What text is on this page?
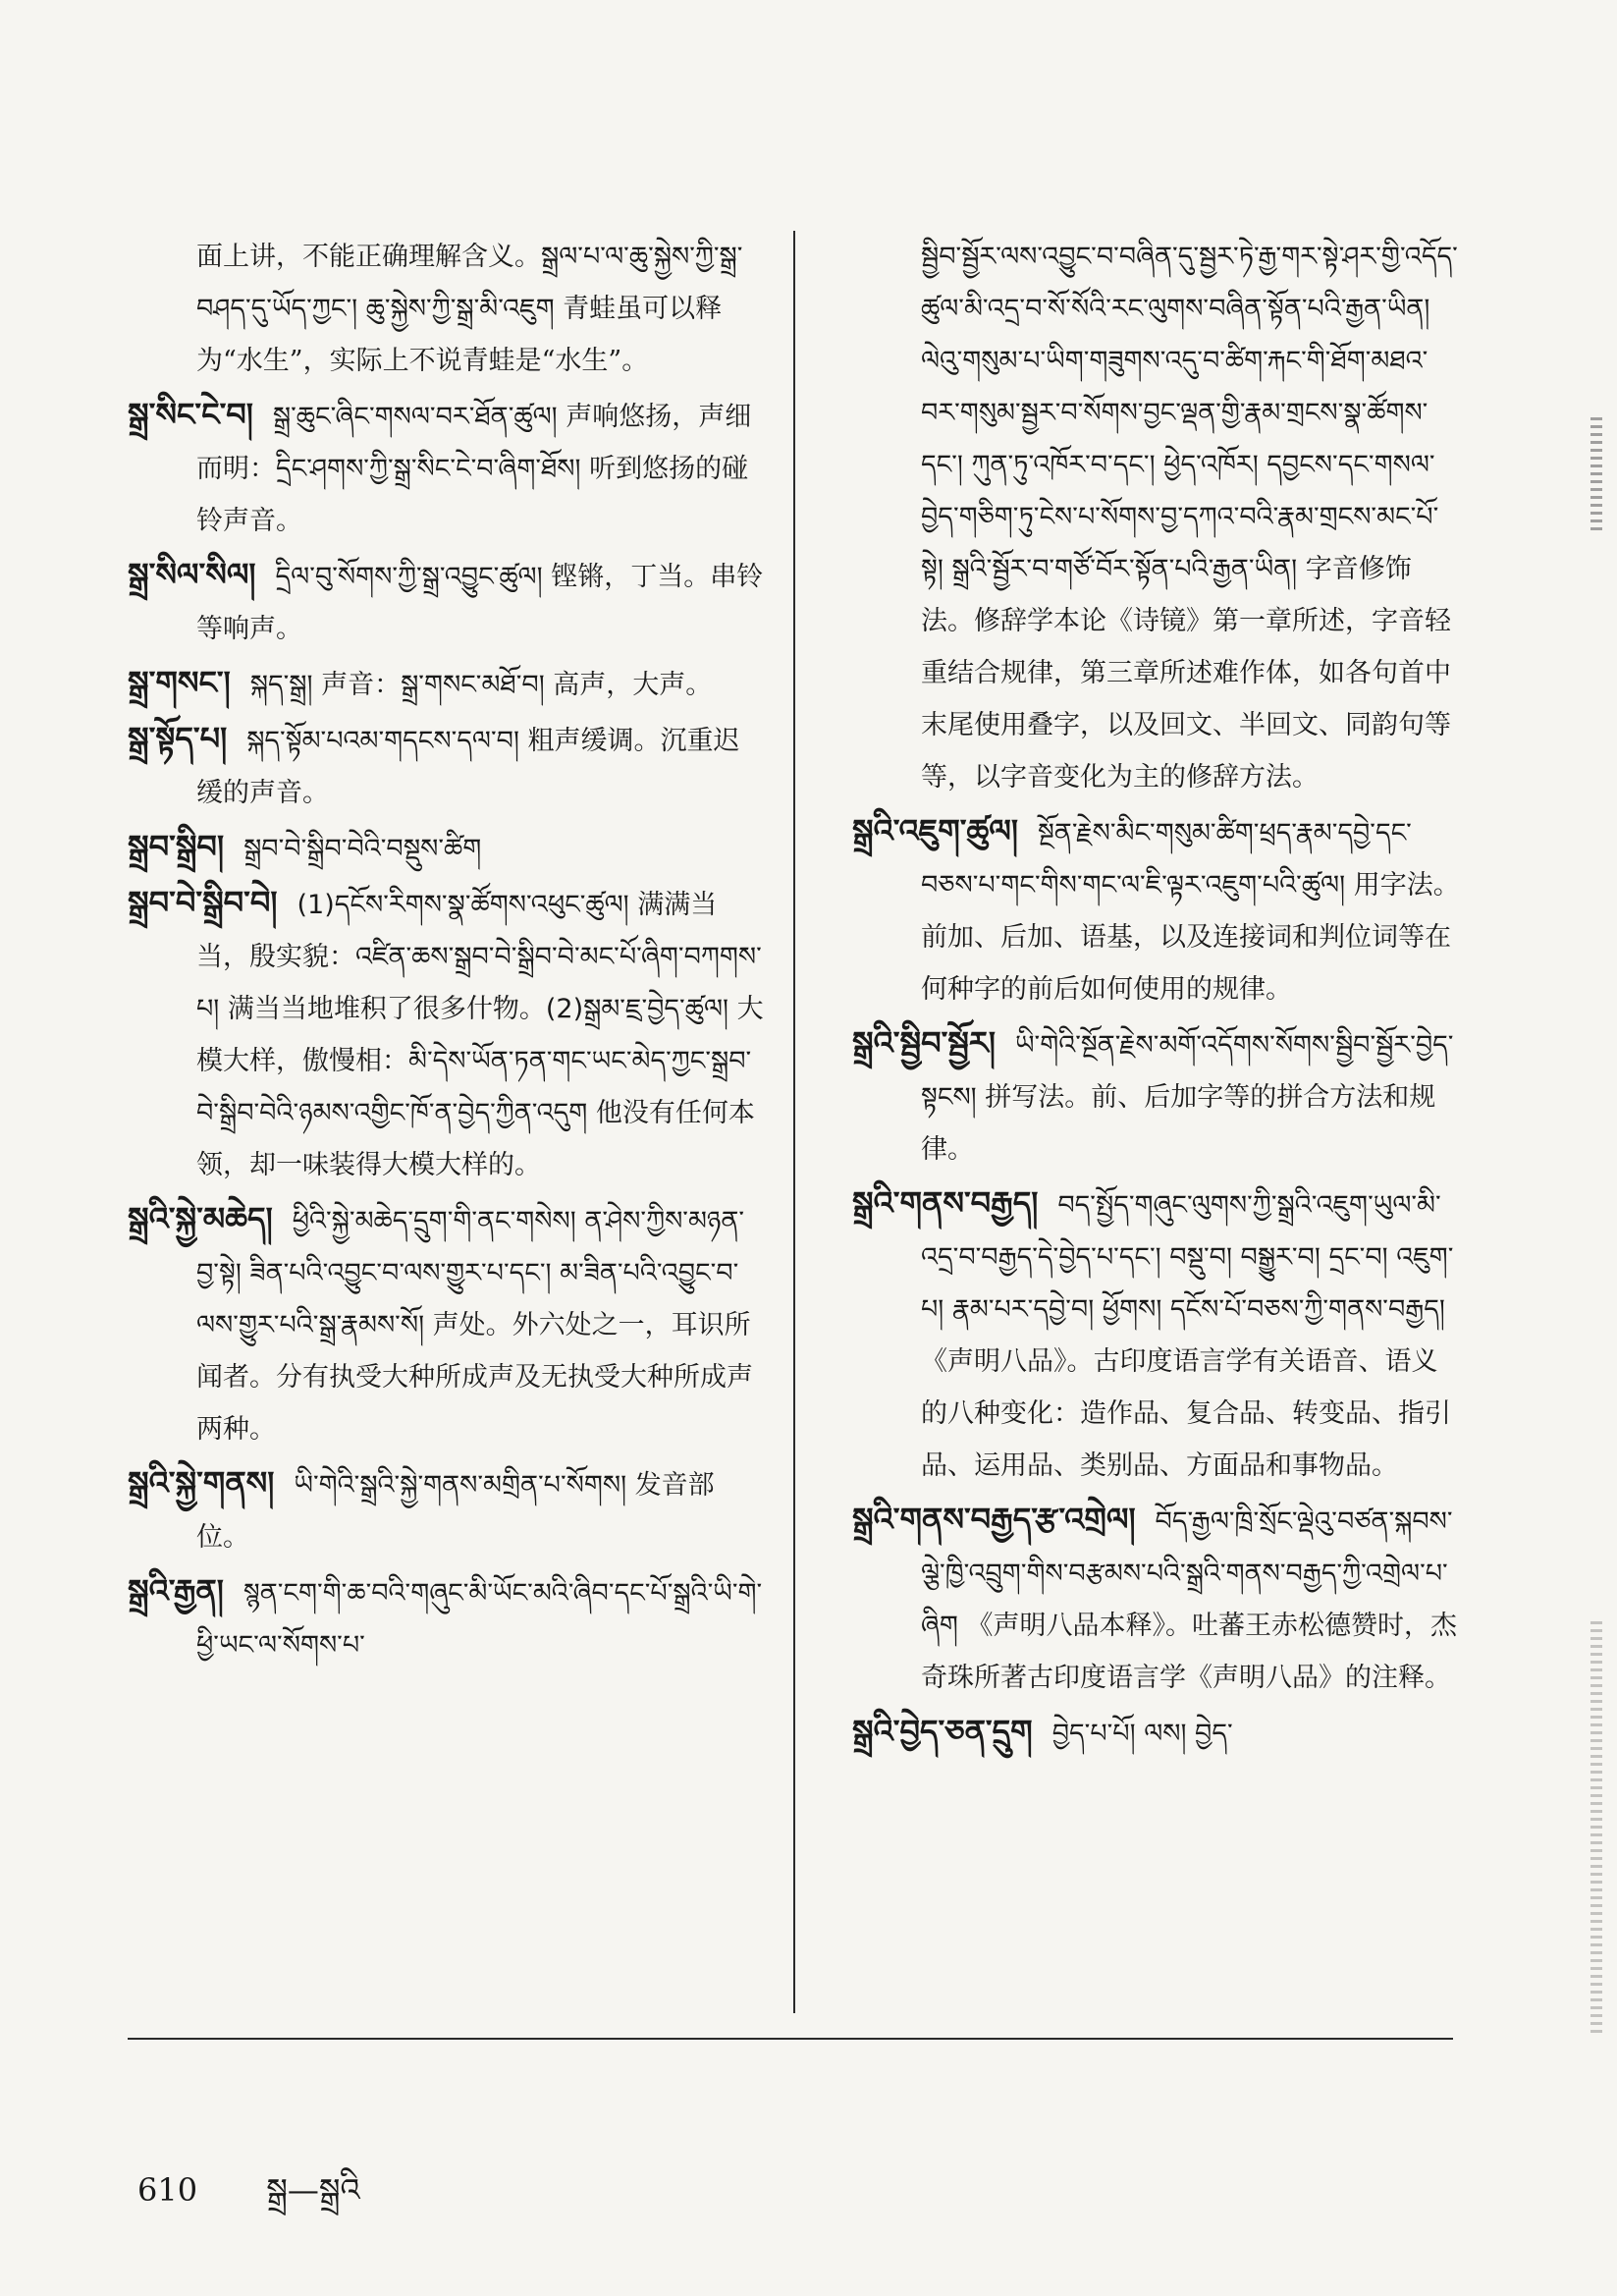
面上讲，不能正确理解含义。སྒྲལ་པ་ལ་ཆུ་སྐྱེས་ཀྱི་སྒྲ་བཤད་དུ་ཡོད་ཀྱང་། ཆུ་སྐྱེས་ཀྱི་སྒྲ་མི་འཇུག 青蛙虽可以释为“水生”，实际上不说青蛙是“水生”。
སྒྲ་སིང་ངེ་བ། སྒྲ་ཆུང་ཞིང་གསལ་བར་ཐོན་ཚུལ། 声响悠扬，声细而明：དྲིང་ཤགས་ཀྱི་སྒྲ་སིང་ངེ་བ་ཞིག་ཐོས། 听到悠扬的碰铃声音。
སྒྲ་སིལ་སིལ། དྲིལ་བུ་སོགས་ཀྱི་སྒྲ་འབྱུང་ཚུལ། 铿锵，丁当。串铃等响声。
སྒྲ་གསང་། སྐད་སྒྲ། 声音：སྒྲ་གསང་མཐོ་བ། 高声，大声。
སྒྲ་སྟོད་པ། སྐད་སྟོམ་པའམ་གདངས་དལ་བ། 粗声缓调。沉重迟缓的声音。
སྒྲབ་སྒྲིབ། སྒྲབ་བེ་སྒྲིབ་བེའི་བསྡུས་ཚིག
སྒྲབ་བེ་སྒྲིབ་བེ། (1)དངོས་རིགས་སྣ་ཚོགས་འཕུང་ཚུལ། 满满当当，殷实貌：འཛིན་ཆས་སྒྲབ་བེ་སྒྲིབ་བེ་མང་པོ་ཞིག་བཀགས་པ། 满当当地堆积了很多什物。(2)སྒྲམ་ཇྲ་བྱེད་ཚུལ། 大模大样，傲慢相：མི་དེས་ཡོན་ཏན་གང་ཡང་མེད་ཀྱང་སྒྲབ་བེ་སྒྲིབ་བེའི་ཉམས་འགྱིང་ཁོ་ན་བྱེད་ཀྱིན་འདུག 他没有任何本领，却一味装得大模大样的。
སྒྲའི་སྐྱེ་མཆེད། ཕྱིའི་སྐྱེ་མཆེད་དྲུག་གི་ནང་གསེས། ན་ཤེས་ཀྱིས་མཉན་བྱ་སྟེ། ཟིན་པའི་འབྱུང་བ་ལས་གྱུར་པ་དང་། མ་ཟིན་པའི་འབྱུང་བ་ལས་གྱུར་པའི་སྒྲ་རྣམས་སོ། 声处。外六处之一，耳识所闻者。分有执受大种所成声及无执受大种所成声两种。
སྒྲའི་སྐྱེ་གནས། ཡི་གེའི་སྒྲའི་སྐྱེ་གནས་མགྲིན་པ་སོགས། 发音部位。
སྒྲའི་རྒྱན། སྙན་ངག་གི་ཆ་བའི་གཞུང་མི་ཡོང་མའི་ཞིབ་དང་པོ་སྒྲའི་ཡི་གེ་ཕྱི་ཡང་ལ་སོགས་པ་
སྦྱིབ་སྦྱོར་ལས་འབྱུང་བ་བཞིན་དུ་སྦྱར་ཏེ་རྒྱ་གར་སྟེ་ཤར་གྱི་འདོད་ཚུལ་མི་འདྲ་བ་སོ་སོའི་རང་ལུགས་བཞིན་སྟོན་པའི་རྒྱན་ཡིན། ལེའུ་གསུམ་པ་ཡིག་གཟུགས་འདུ་བ་ཚིག་རྐང་གི་ཐོག་མཐའ་བར་གསུམ་སྦྱར་བ་སོགས་བྱང་ལྡན་གྱི་རྣམ་གྲངས་སྣ་ཚོགས་དང་། ཀུན་ཏུ་འཁོར་བ་དང་། ཕྱེད་འཁོར། དབྱངས་དང་གསལ་བྱེད་གཅིག་ཏུ་ངེས་པ་སོགས་བྱ་དཀའ་བའི་རྣམ་གྲངས་མང་པོ་སྟེ། སྒྲའི་སྦྱོར་བ་གཙོ་བོར་སྟོན་པའི་རྒྱན་ཡིན། 字音修饰法。修辞学本论《诗镜》第一章所述，字音轻重结合规律，第三章所述难作体，如各句首中末尾使用叠字，以及回文、半回文、同韵句等等，以字音变化为主的修辞方法。
སྒྲའི་འཇུག་ཚུལ། སྔོན་རྗེས་མིང་གསུམ་ཚིག་ཕྲད་རྣམ་དབྱེ་དང་བཅས་པ་གང་གིས་གང་ལ་ཇི་ལྟར་འཇུག་པའི་ཚུལ། 用字法。前加、后加、语基，以及连接词和判位词等在何种字的前后如何使用的规律。
སྒྲའི་སྦྱིབ་སྦྱོར། ཡི་གེའི་སྔོན་རྗེས་མགོ་འདོགས་སོགས་སྦྱིབ་སྦྱོར་བྱེད་སྟངས། 拼写法。前、后加字等的拼合方法和规律。
སྒྲའི་གནས་བརྒྱད། བད་སྤྱོད་གཞུང་ལུགས་ཀྱི་སྒྲའི་འཇུག་ཡུལ་མི་འདྲ་བ་བརྒྱད་དེ་བྱེད་པ་དང་། བསྡུ་བ། བསྒྱུར་བ། དྲང་བ། འཇུག་པ། རྣམ་པར་དབྱེ་བ། ཕྱོགས། དངོས་པོ་བཅས་ཀྱི་གནས་བརྒྱད། 《声明八品》。古印度语言学有关语音、语义的八种变化：造作品、复合品、转变品、指引品、运用品、类别品、方面品和事物品。
སྒྲའི་གནས་བརྒྱད་རྩ་འགྲེལ། བོད་རྒྱལ་ཁྲི་སྲོང་ལྡེའུ་བཙན་སྐབས་ལྕེ་ཁྱི་འབྲུག་གིས་བརྩམས་པའི་སྒྲའི་གནས་བརྒྱད་ཀྱི་འགྲེལ་པ་ཞིག 《声明八品本释》。吐蕃王赤松德赞时，杰奇珠所著古印度语言学《声明八品》的注释。
སྒྲའི་བྱེད་ཅན་དྲུག བྱེད་པ་པོ། ལས། བྱེད་
610 སྒྲ—སྒྲའི
